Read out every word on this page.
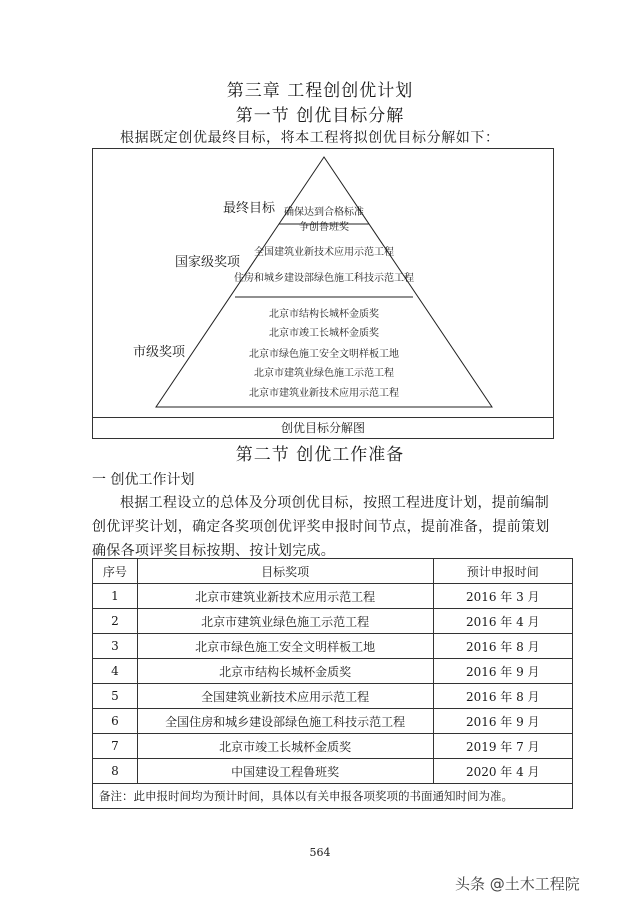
第三章 工程创创优计划
第一节 创优目标分解
根据既定创优最终目标，将本工程将拟创优目标分解如下：
最终目标
国家级奖项
市级奖项
确保达到合格标准
争创鲁班奖
全国建筑业新技术应用示范工程
住房和城乡建设部绿色施工科技示范工程
北京市结构长城杯金质奖
北京市竣工长城杯金质奖
北京市绿色施工安全文明样板工地
北京市建筑业绿色施工示范工程
北京市建筑业新技术应用示范工程
创优目标分解图
第二节 创优工作准备
一 创优工作计划
根据工程设立的总体及分项创优目标，按照工程进度计划，提前编制创优评奖计划，确定各奖项创优评奖申报时间节点，提前准备，提前策划确保各项评奖目标按期、按计划完成。
序号	目标奖项	预计申报时间
1	北京市建筑业新技术应用示范工程	2016 年 3 月
2	北京市建筑业绿色施工示范工程	2016 年 4 月
3	北京市绿色施工安全文明样板工地	2016 年 8 月
4	北京市结构长城杯金质奖	2016 年 9 月
5	全国建筑业新技术应用示范工程	2016 年 8 月
6	全国住房和城乡建设部绿色施工科技示范工程	2016 年 9 月
7	北京市竣工长城杯金质奖	2019 年 7 月
8	中国建设工程鲁班奖	2020 年 4 月
备注：此申报时间均为预计时间，具体以有关申报各项奖项的书面通知时间为准。		
564
头条 @土木工程院
